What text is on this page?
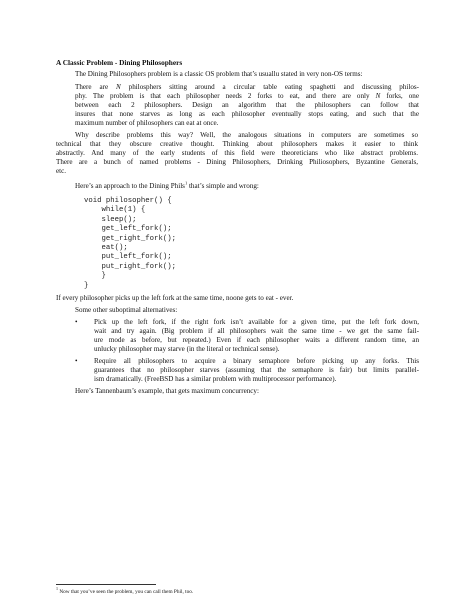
A Classic Problem - Dining Philosophers
The Dining Philosophers problem is a classic OS problem that’s usuallu stated in very non-OS terms:
There are N philosphers sitting around a circular table eating spaghetti and discussing philos-
phy. The problem is that each philosopher needs 2 forks to eat, and there are only N forks, one
between each 2 philosophers. Design an algorithm that the philosophers can follow that
insures that none starves as long as each philosopher eventually stops eating, and such that the
maximum number of philosophers can eat at once.
Why describe problems this way? Well, the analogous situations in computers are sometimes so
technical that they obscure creative thought. Thinking about philosophers makes it easier to think
abstractly. And many of the early students of this field were theoreticians who like abstract problems.
There are a bunch of named problems - Dining Philosophers, Drinking Philiosophers, Byzantine Generals,
etc.
Here’s an approach to the Dining Phils$^1$ that’s simple and wrong:
void philosopher() {
while(1) {
sleep();
get_left_fork();
get_right_fork();
eat();
put_left_fork();
put_right_fork();
}
}
If every philosopher picks up the left fork at the same time, noone gets to eat - ever.
Some other suboptimal alternatives:
• Pick up the left fork, if the right fork isn’t available for a given time, put the left fork down,
wait and try again. (Big problem if all philosophers wait the same time - we get the same fail-
ure mode as before, but repeated.) Even if each philosopher waits a different random time, an
unlucky philosopher may starve (in the literal or technical sense).
• Require all philosophers to acquire a binary semaphore before picking up any forks. This
guarantees that no philosopher starves (assuming that the semaphore is fair) but limits parallel-
ism dramatically. (FreeBSD has a similar problem with multiprocessor performance).
Here’s Tannenbaum’s example, that gets maximum concurrency:
$^1$ Now that you’ve seen the problem, you can call them Phil, too.
